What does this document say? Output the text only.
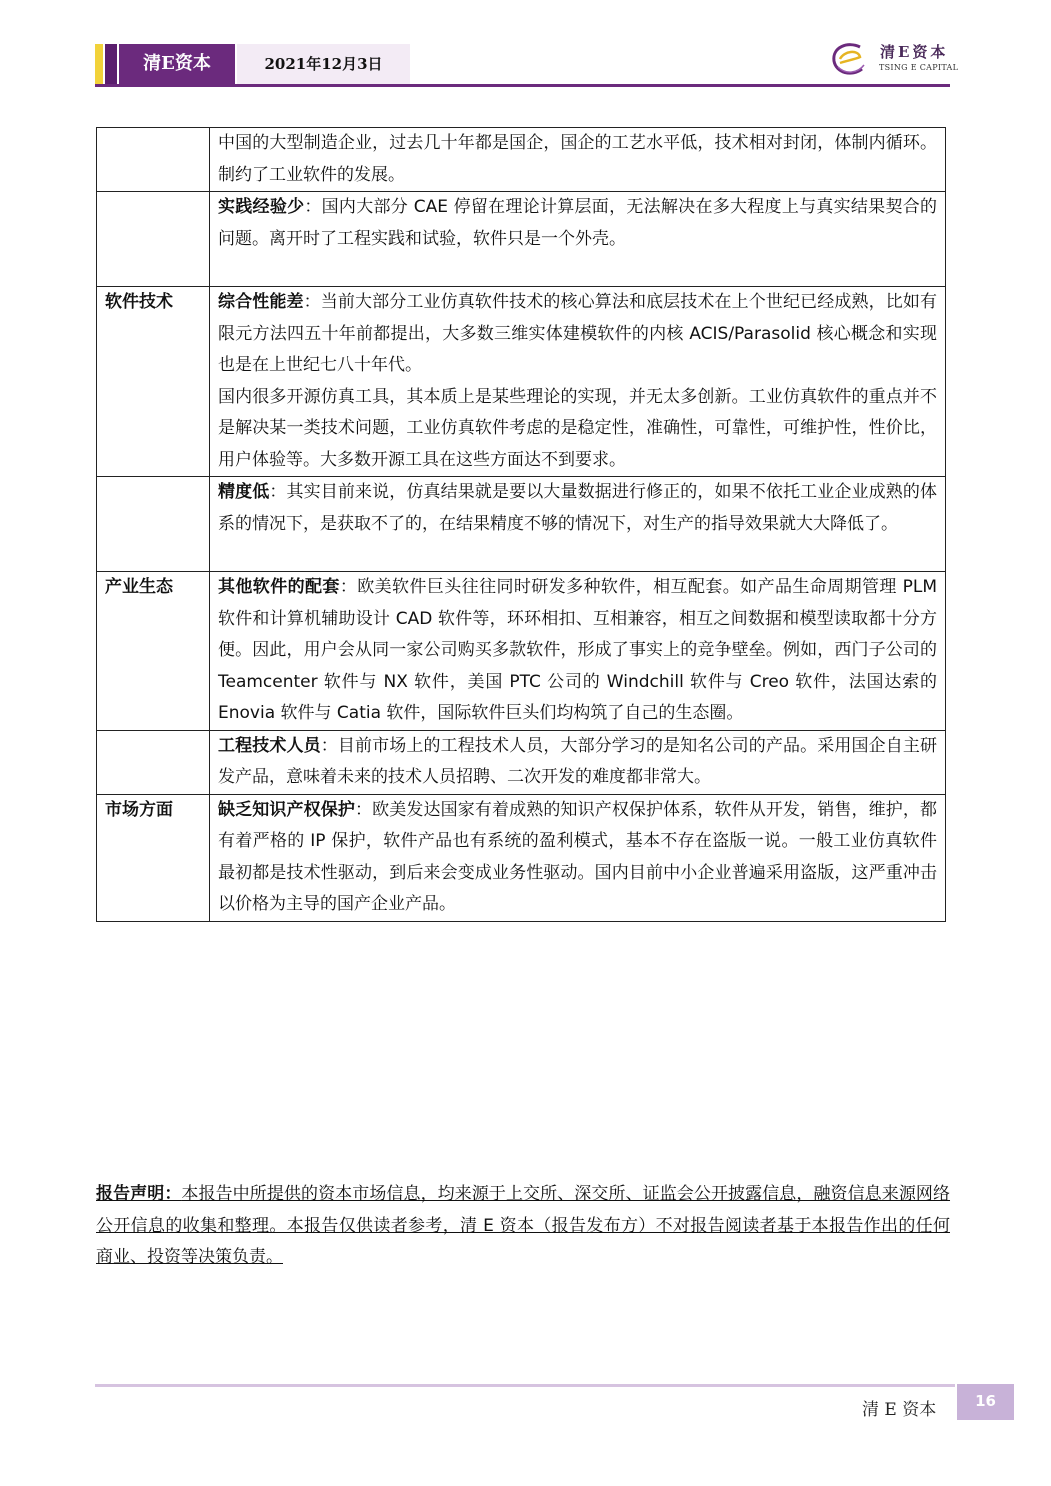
清E资本	2021年12月3日
清E资本
TSING E CAPITAL

	中国的大型制造企业，过去几十年都是国企，国企的工艺水平低，技术相对封闭，体制内循环。制约了工业软件的发展。

	实践经验少：国内大部分 CAE 停留在理论计算层面，无法解决在多大程度上与真实结果契合的问题。离开时了工程实践和试验，软件只是一个外壳。

软件技术	综合性能差：当前大部分工业仿真软件技术的核心算法和底层技术在上个世纪已经成熟，比如有限元方法四五十年前都提出，大多数三维实体建模软件的内核 ACIS/Parasolid 核心概念和实现也是在上世纪七八十年代。

国内很多开源仿真工具，其本质上是某些理论的实现，并无太多创新。工业仿真软件的重点并不是解决某一类技术问题，工业仿真软件考虑的是稳定性，准确性，可靠性，可维护性，性价比，用户体验等。大多数开源工具在这些方面达不到要求。

	精度低：其实目前来说，仿真结果就是要以大量数据进行修正的，如果不依托工业企业成熟的体系的情况下，是获取不了的，在结果精度不够的情况下，对生产的指导效果就大大降低了。

产业生态	其他软件的配套：欧美软件巨头往往同时研发多种软件，相互配套。如产品生命周期管理 PLM 软件和计算机辅助设计 CAD 软件等，环环相扣、互相兼容，相互之间数据和模型读取都十分方便。因此，用户会从同一家公司购买多款软件，形成了事实上的竞争壁垒。例如，西门子公司的 Teamcenter 软件与 NX 软件，美国 PTC 公司的 Windchill 软件与 Creo 软件，法国达索的 Enovia 软件与 Catia 软件，国际软件巨头们均构筑了自己的生态圈。

	工程技术人员：目前市场上的工程技术人员，大部分学习的是知名公司的产品。采用国企自主研发产品，意味着未来的技术人员招聘、二次开发的难度都非常大。

市场方面	缺乏知识产权保护：欧美发达国家有着成熟的知识产权保护体系，软件从开发，销售，维护，都有着严格的 IP 保护，软件产品也有系统的盈利模式，基本不存在盗版一说。一般工业仿真软件最初都是技术性驱动，到后来会变成业务性驱动。国内目前中小企业普遍采用盗版，这严重冲击以价格为主导的国产企业产品。

报告声明：本报告中所提供的资本市场信息，均来源于上交所、深交所、证监会公开披露信息，融资信息来源网络公开信息的收集和整理。本报告仅供读者参考，清 E 资本（报告发布方）不对报告阅读者基于本报告作出的任何商业、投资等决策负责。
清 E 资本	16
